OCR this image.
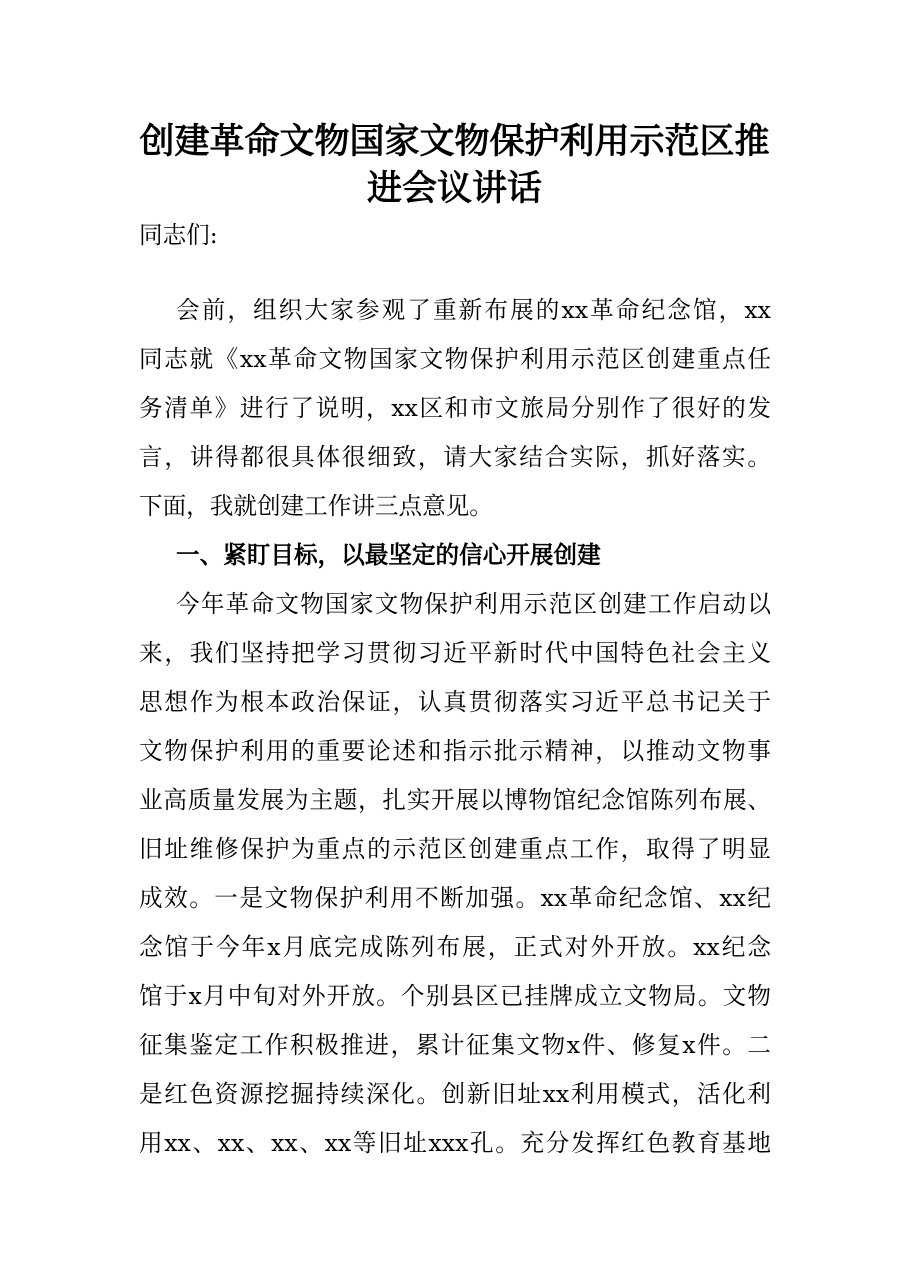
创建革命文物国家文物保护利用示范区推
进会议讲话

同志们:

会前，组织大家参观了重新布展的xx革命纪念馆，xx

同志就《xx革命文物国家文物保护利用示范区创建重点任

务清单》进行了说明，xx区和市文旅局分别作了很好的发

言，讲得都很具体很细致，请大家结合实际，抓好落实。

下面，我就创建工作讲三点意见。

一、紧盯目标，以最坚定的信心开展创建

今年革命文物国家文物保护利用示范区创建工作启动以

来，我们坚持把学习贯彻习近平新时代中国特色社会主义

思想作为根本政治保证，认真贯彻落实习近平总书记关于

文物保护利用的重要论述和指示批示精神，以推动文物事

业高质量发展为主题，扎实开展以博物馆纪念馆陈列布展、

旧址维修保护为重点的示范区创建重点工作，取得了明显

成效。一是文物保护利用不断加强。xx革命纪念馆、xx纪

念馆于今年x月底完成陈列布展，正式对外开放。xx纪念

馆于x月中旬对外开放。个别县区已挂牌成立文物局。文物

征集鉴定工作积极推进，累计征集文物x件、修复x件。二

是红色资源挖掘持续深化。创新旧址xx利用模式，活化利

用xx、xx、xx、xx等旧址xxx孔。充分发挥红色教育基地
